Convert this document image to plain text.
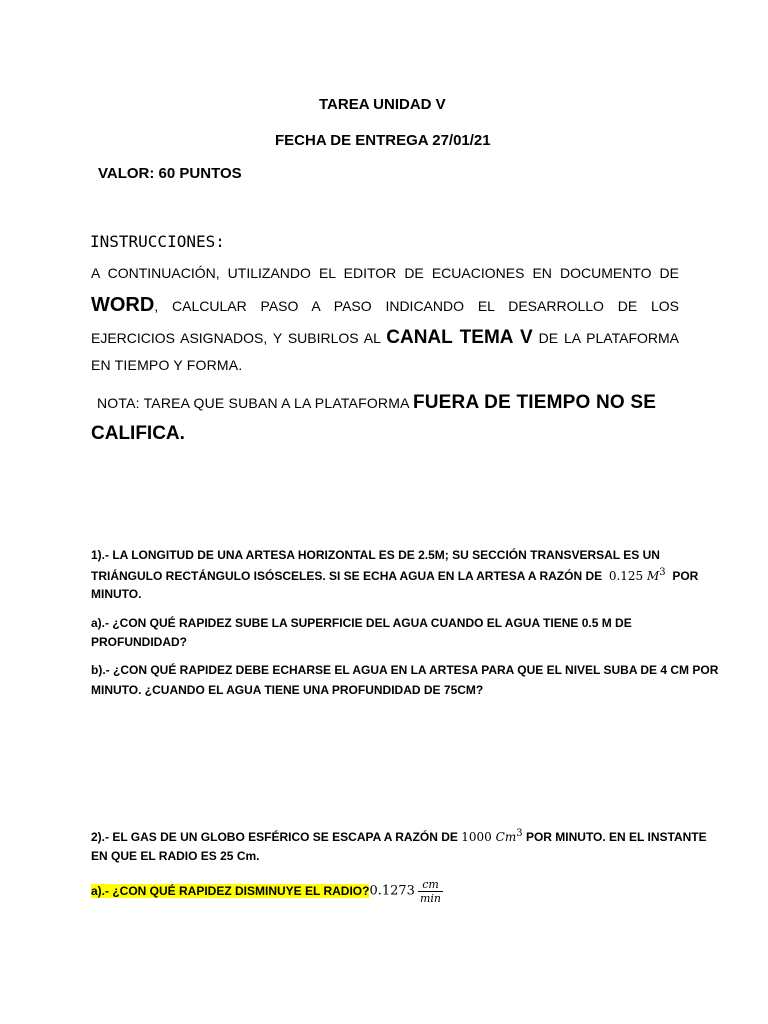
TAREA UNIDAD V
FECHA DE ENTREGA 27/01/21
VALOR: 60 PUNTOS
INSTRUCCIONES:
A CONTINUACIÓN, UTILIZANDO EL EDITOR DE ECUACIONES EN DOCUMENTO DE
WORD, CALCULAR PASO A PASO INDICANDO EL DESARROLLO DE LOS
EJERCICIOS ASIGNADOS, Y SUBIRLOS AL CANAL TEMA V DE LA PLATAFORMA
EN TIEMPO Y FORMA.
NOTA: TAREA QUE SUBAN A LA PLATAFORMA FUERA DE TIEMPO NO SE
CALIFICA.
1).- LA LONGITUD DE UNA ARTESA HORIZONTAL ES DE 2.5M; SU SECCIÓN TRANSVERSAL ES UN
TRIÁNGULO RECTÁNGULO ISÓSCELES. SI SE ECHA AGUA EN LA ARTESA A RAZÓN DE 0.125 $M^3$ POR
MINUTO.
a).- ¿CON QUÉ RAPIDEZ SUBE LA SUPERFICIE DEL AGUA CUANDO EL AGUA TIENE 0.5 M DE
PROFUNDIDAD?
b).- ¿CON QUÉ RAPIDEZ DEBE ECHARSE EL AGUA EN LA ARTESA PARA QUE EL NIVEL SUBA DE 4 CM POR
MINUTO. ¿CUANDO EL AGUA TIENE UNA PROFUNDIDAD DE 75CM?
2).- EL GAS DE UN GLOBO ESFÉRICO SE ESCAPA A RAZÓN DE 1000 Cm$^3$ POR MINUTO. EN EL INSTANTE
EN QUE EL RADIO ES 25 Cm.
a).- ¿CON QUÉ RAPIDEZ DISMINUYE EL RADIO?0.1273 $\frac{cm}{\min}$
